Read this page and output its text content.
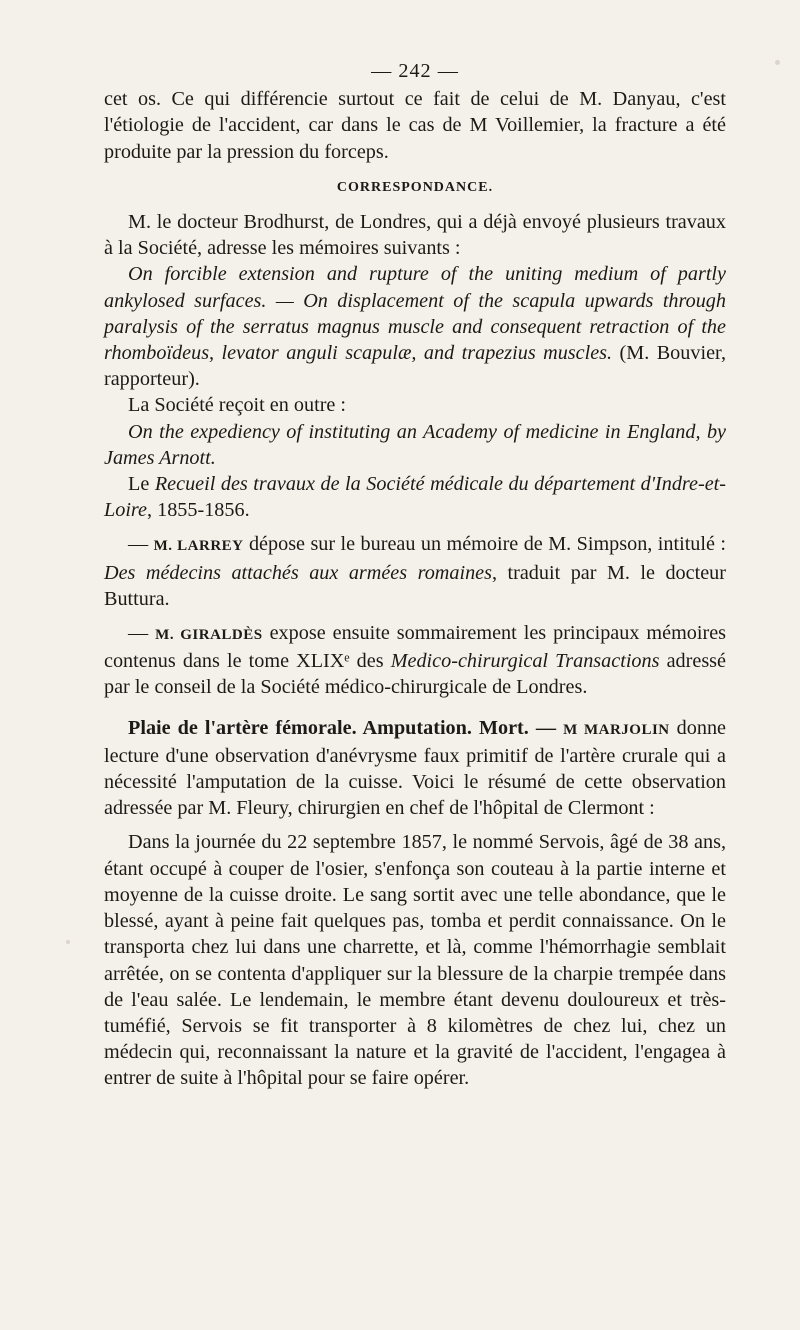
— 242 —

cet os. Ce qui différencie surtout ce fait de celui de M. Danyau, c'est l'étiologie de l'accident, car dans le cas de M Voillemier, la fracture a été produite par la pression du forceps.

CORRESPONDANCE.

M. le docteur Brodhurst, de Londres, qui a déjà envoyé plusieurs travaux à la Société, adresse les mémoires suivants :

On forcible extension and rupture of the uniting medium of partly ankylosed surfaces. — On displacement of the scapula upwards through paralysis of the serratus magnus muscle and consequent retraction of the rhomboïdeus, levator anguli scapulæ, and trapezius muscles. (M. Bouvier, rapporteur).

La Société reçoit en outre :

On the expediency of instituting an Academy of medicine in England, by James Arnott.

Le Recueil des travaux de la Société médicale du département d'Indre-et-Loire, 1855-1856.

— M. LARREY dépose sur le bureau un mémoire de M. Simpson, intitulé : Des médecins attachés aux armées romaines, traduit par M. le docteur Buttura.

— M. GIRALDÈS expose ensuite sommairement les principaux mémoires contenus dans le tome XLIXᵉ des Medico-chirurgical Transactions adressé par le conseil de la Société médico-chirurgicale de Londres.

Plaie de l'artère fémorale. Amputation. Mort. — M MARJOLIN donne lecture d'une observation d'anévrysme faux primitif de l'artère crurale qui a nécessité l'amputation de la cuisse. Voici le résumé de cette observation adressée par M. Fleury, chirurgien en chef de l'hôpital de Clermont :

Dans la journée du 22 septembre 1857, le nommé Servois, âgé de 38 ans, étant occupé à couper de l'osier, s'enfonça son couteau à la partie interne et moyenne de la cuisse droite. Le sang sortit avec une telle abondance, que le blessé, ayant à peine fait quelques pas, tomba et perdit connaissance. On le transporta chez lui dans une charrette, et là, comme l'hémorrhagie semblait arrêtée, on se contenta d'appliquer sur la blessure de la charpie trempée dans de l'eau salée. Le lendemain, le membre étant devenu douloureux et très-tuméfié, Servois se fit transporter à 8 kilomètres de chez lui, chez un médecin qui, reconnaissant la nature et la gravité de l'accident, l'engagea à entrer de suite à l'hôpital pour se faire opérer.
